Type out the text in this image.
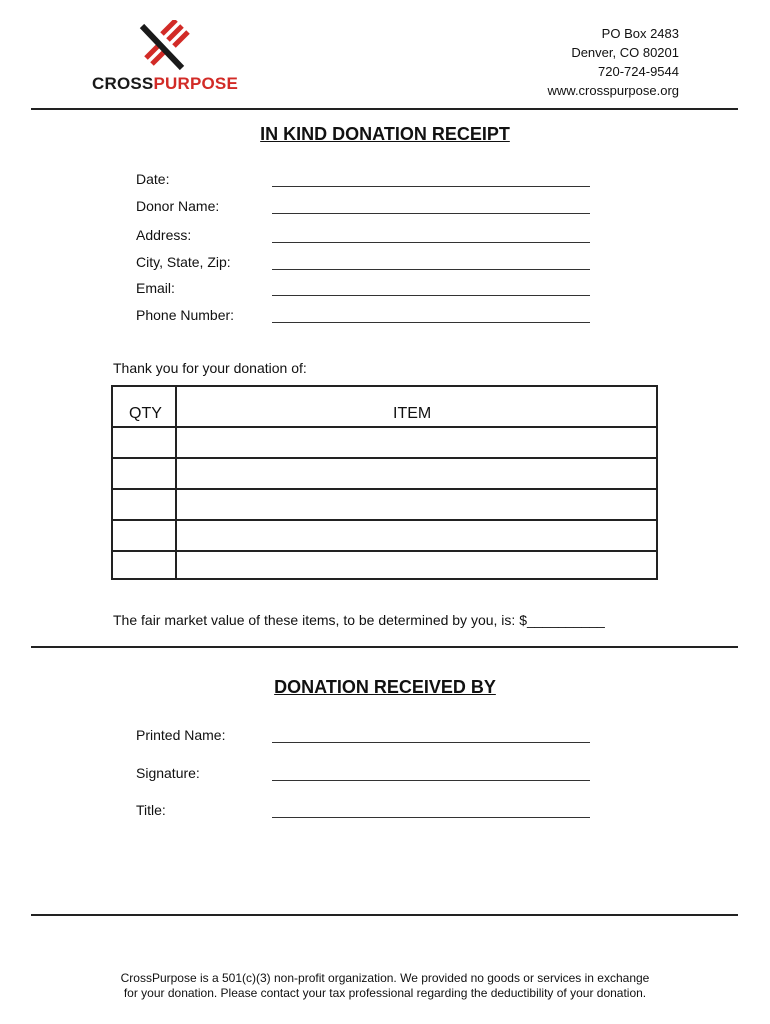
CROSSPURPOSE
PO Box 2483
Denver, CO 80201
720-724-9544
www.crosspurpose.org
IN KIND DONATION RECEIPT
Date:
Donor Name:
Address:
City, State, Zip:
Email:
Phone Number:
Thank you for your donation of:
QTY	ITEM
The fair market value of these items, to be determined by you, is: $__________
DONATION RECEIVED BY
Printed Name:
Signature:
Title:
CrossPurpose is a 501(c)(3) non-profit organization. We provided no goods or services in exchange
for your donation. Please contact your tax professional regarding the deductibility of your donation.
